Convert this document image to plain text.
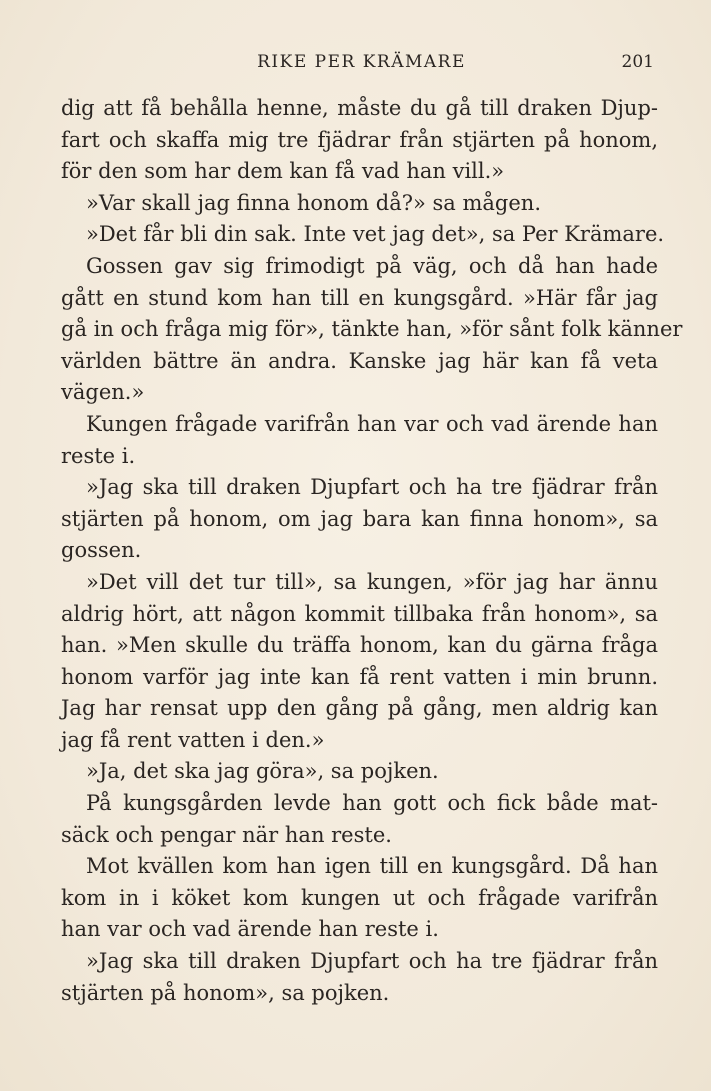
RIKE PER KRÄMARE	201
dig att få behålla henne, måste du gå till draken Djup-
fart och skaffa mig tre fjädrar från stjärten på honom,
för den som har dem kan få vad han vill.»
»Var skall jag finna honom då?» sa mågen.
»Det får bli din sak. Inte vet jag det», sa Per Krämare.
Gossen gav sig frimodigt på väg, och då han hade
gått en stund kom han till en kungsgård. »Här får jag
gå in och fråga mig för», tänkte han, »för sånt folk känner
världen bättre än andra. Kanske jag här kan få veta
vägen.»
Kungen frågade varifrån han var och vad ärende han
reste i.
»Jag ska till draken Djupfart och ha tre fjädrar från
stjärten på honom, om jag bara kan finna honom», sa
gossen.
»Det vill det tur till», sa kungen, »för jag har ännu
aldrig hört, att någon kommit tillbaka från honom», sa
han. »Men skulle du träffa honom, kan du gärna fråga
honom varför jag inte kan få rent vatten i min brunn.
Jag har rensat upp den gång på gång, men aldrig kan
jag få rent vatten i den.»
»Ja, det ska jag göra», sa pojken.
På kungsgården levde han gott och fick både mat-
säck och pengar när han reste.
Mot kvällen kom han igen till en kungsgård. Då han
kom in i köket kom kungen ut och frågade varifrån
han var och vad ärende han reste i.
»Jag ska till draken Djupfart och ha tre fjädrar från
stjärten på honom», sa pojken.
